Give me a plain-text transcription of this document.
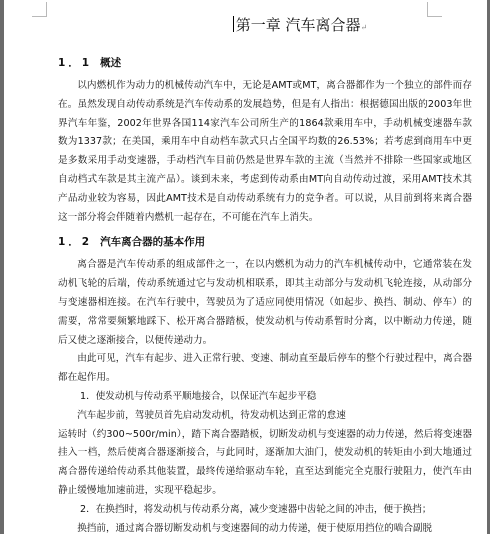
第一章 汽车离合器↵
1．1 概述

以内燃机作为动力的机械传动汽车中，无论是AMT或MT，离合器都作为一个独立的部件而存在。虽然发现自动传动系统是汽车传动系的发展趋势，但是有人指出：根据德国出版的2003年世界汽车年鉴，2002年世界各国114家汽车公司所生产的1864款乘用车中，手动机械变速器车款数为1337款；在美国，乘用车中自动档车款式只占全国平均数的26.53%；若考虑到商用车中更是多数采用手动变速器，手动档汽车目前仍然是世界车款的主流（当然并不排除一些国家或地区自动档式车款是其主流产品）。谈到未来，考虑到传动系由MT向自动传动过渡，采用AMT技术其产品动业较为容易，因此AMT技术是自动传动系统有力的竞争者。可以说，从目前到将来离合器这一部分将会伴随着内燃机一起存在，不可能在汽车上消失。

1．2 汽车离合器的基本作用

离合器是汽车传动系的组成部件之一，在以内燃机为动力的汽车机械传动中，它通常装在发动机飞轮的后端，传动系统通过它与发动机相联系，即其主动部分与发动机飞轮连接，从动部分与变速器相连接。在汽车行驶中，驾驶员为了适应同使用情况（如起步、换挡、制动、停车）的需要，常常要频繁地踩下、松开离合器踏板，使发动机与传动系暂时分离，以中断动力传递，随后又使之逐渐接合，以便传递动力。

由此可见，汽车有起步、进入正常行驶、变速、制动直至最后停车的整个行驶过程中，离合器都在起作用。

1．使发动机与传动系平顺地接合，以保证汽车起步平稳

汽车起步前，驾驶员首先启动发动机，待发动机达到正常的怠速

运转时（约300~500r/min），踏下离合器踏板，切断发动机与变速器的动力传递，然后将变速器挂入一档，然后使离合器逐渐接合，与此同时，逐渐加大油门，使发动机的转矩由小到大地通过离合器传递给传动系其他装置，最终传递给驱动车轮，直至达到能完全克服行驶阻力，使汽车由静止缓慢地加速前进，实现平稳起步。

2．在换挡时，将发动机与传动系分离，减少变速器中齿轮之间的冲击，便于换挡；

换挡前，通过离合器切断发动机与变速器间的动力传递，便于使原用挡位的啮合副脱
